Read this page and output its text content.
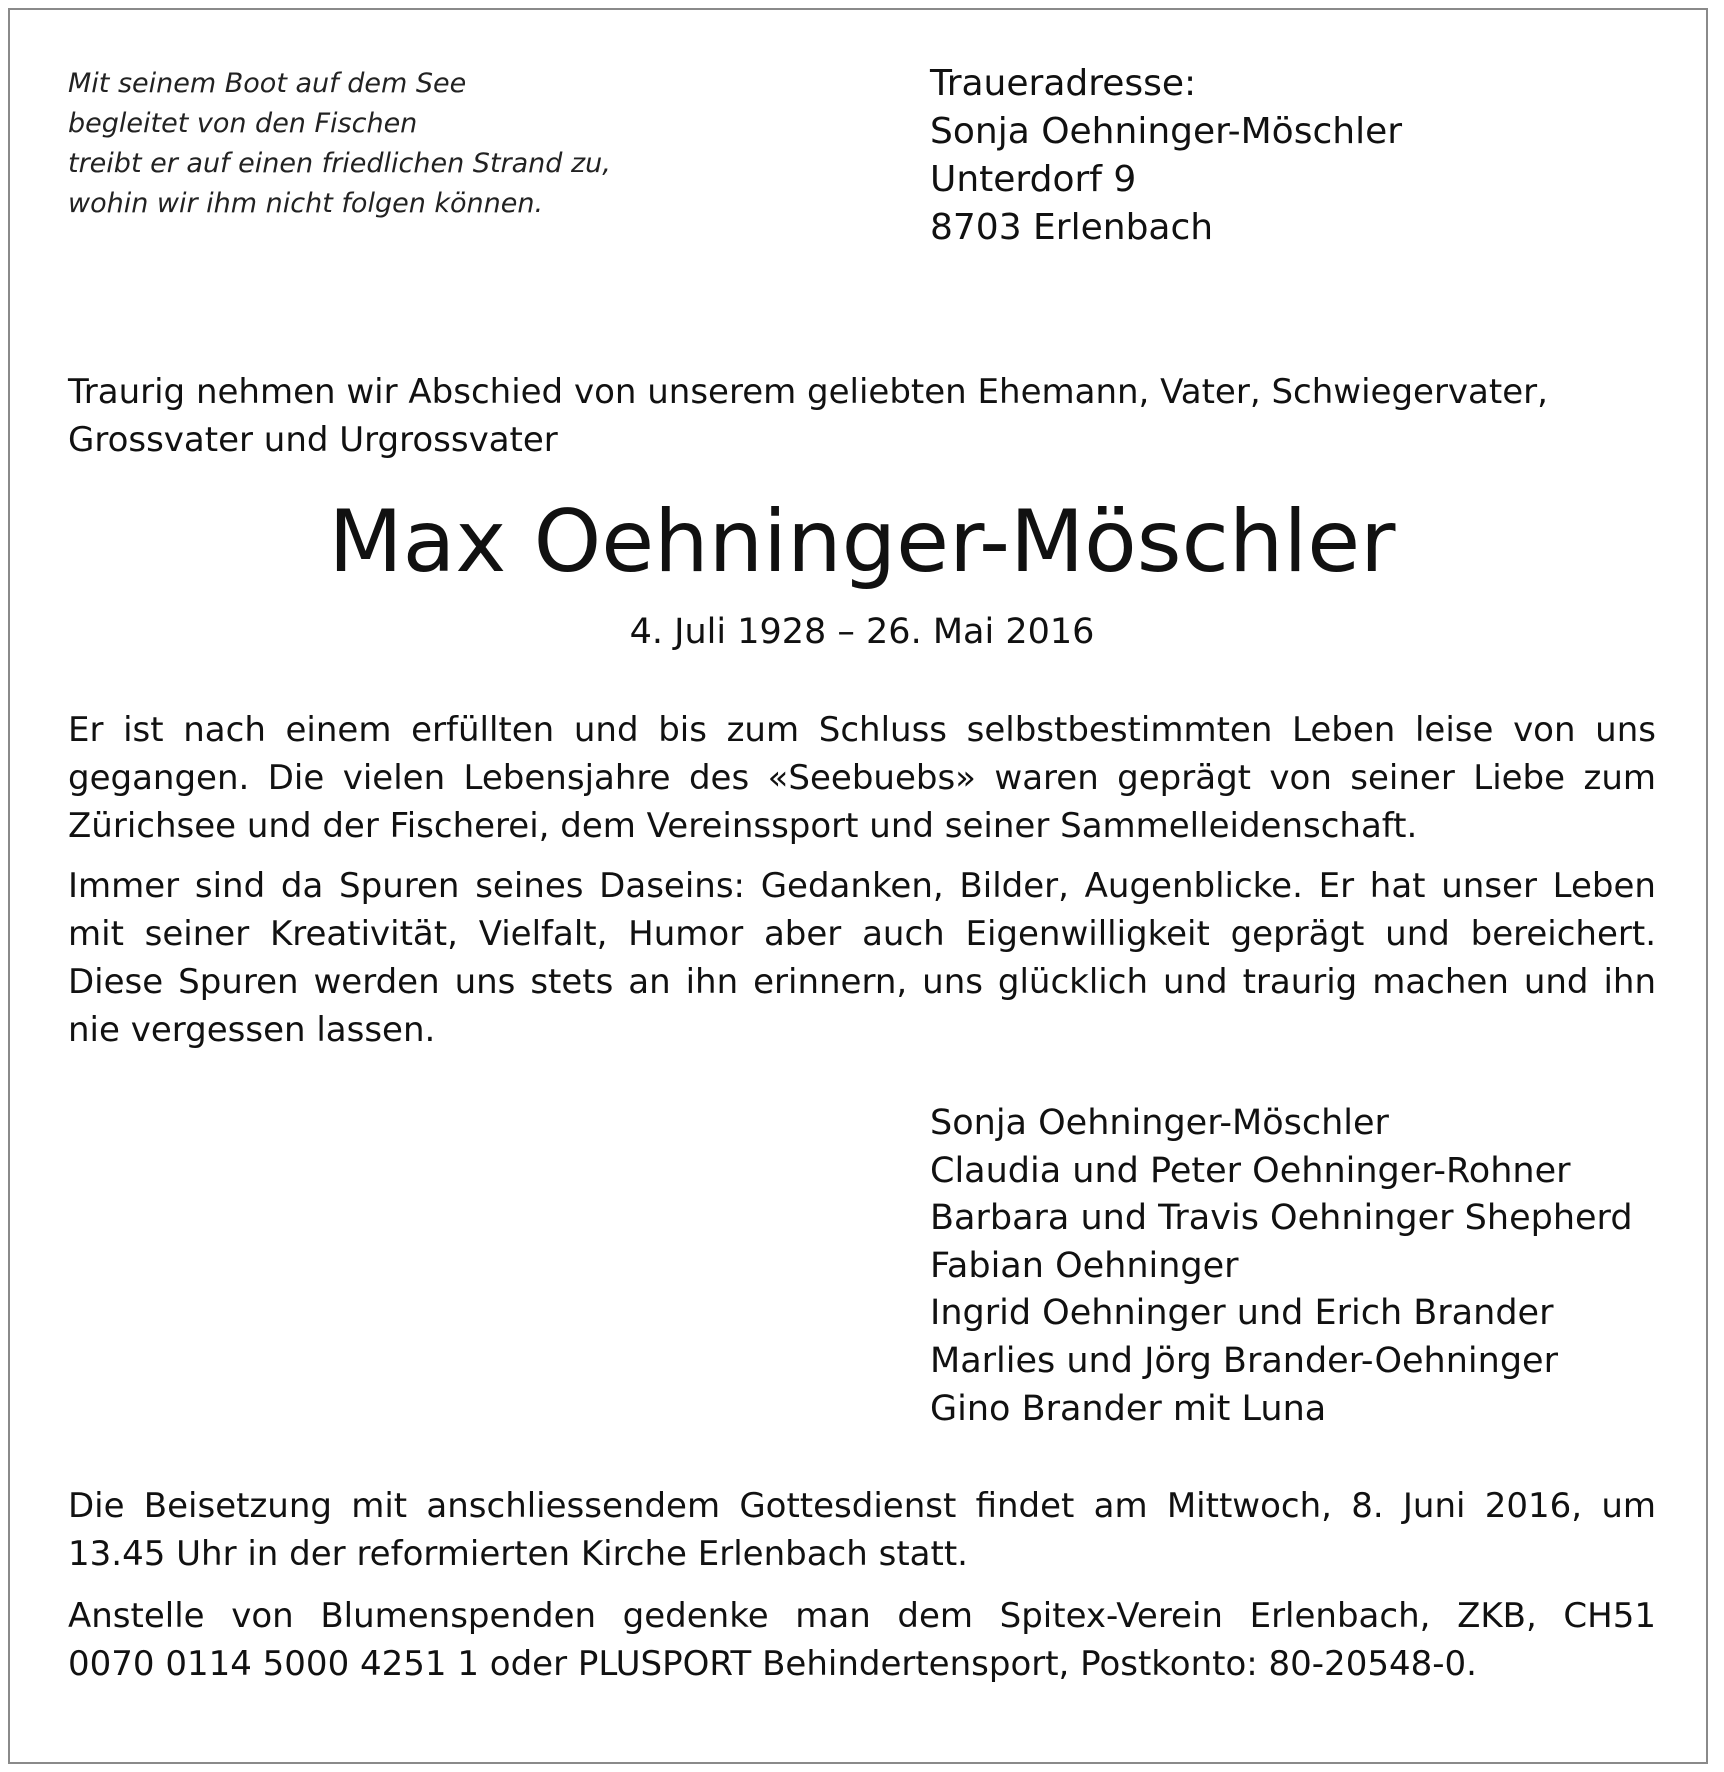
Mit seinem Boot auf dem See
begleitet von den Fischen
treibt er auf einen friedlichen Strand zu,
wohin wir ihm nicht folgen können.
Traueradresse:
Sonja Oehninger-Möschler
Unterdorf 9
8703 Erlenbach
Traurig nehmen wir Abschied von unserem geliebten Ehemann, Vater, Schwiegervater,
Grossvater und Urgrossvater
Max Oehninger-Möschler
4. Juli 1928 – 26. Mai 2016
Er ist nach einem erfüllten und bis zum Schluss selbstbestimmten Leben leise von uns
gegangen. Die vielen Lebensjahre des «Seebuebs» waren geprägt von seiner Liebe zum
Zürichsee und der Fischerei, dem Vereinssport und seiner Sammelleidenschaft.
Immer sind da Spuren seines Daseins: Gedanken, Bilder, Augenblicke. Er hat unser Leben
mit seiner Kreativität, Vielfalt, Humor aber auch Eigenwilligkeit geprägt und bereichert.
Diese Spuren werden uns stets an ihn erinnern, uns glücklich und traurig machen und ihn
nie vergessen lassen.
Sonja Oehninger-Möschler
Claudia und Peter Oehninger-Rohner
Barbara und Travis Oehninger Shepherd
Fabian Oehninger
Ingrid Oehninger und Erich Brander
Marlies und Jörg Brander-Oehninger
Gino Brander mit Luna
Die Beisetzung mit anschliessendem Gottesdienst findet am Mittwoch, 8. Juni 2016, um
13.45 Uhr in der reformierten Kirche Erlenbach statt.
Anstelle von Blumenspenden gedenke man dem Spitex-Verein Erlenbach, ZKB, CH51
0070 0114 5000 4251 1 oder PLUSPORT Behindertensport, Postkonto: 80-20548-0.
